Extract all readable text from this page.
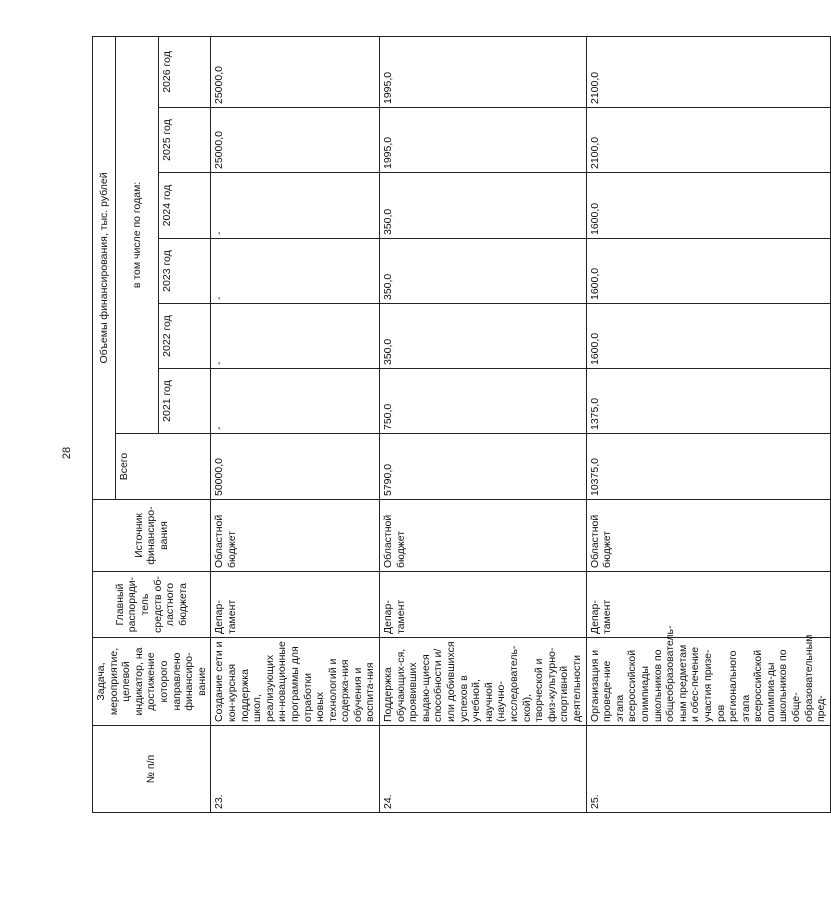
28
№ п/п	Задача, мероприятие, целевой индикатор, на достижение которого направлено финансиро-вание	Главный распоряди-тель средств об-ластного бюджета	Источник финансиро-вания	Объемы финансирования, тыс. рублей						
				Всего	в том числе по годам:					
					2021 год	2022 год	2023 год	2024 год	2025 год	2026 год
23.	Создание сети и кон-курсная поддержка школ, реализующих ин-новационные программы для отработки новых технологий и содержа-ния обучения и воспита-ния	Депар-тамент	Областной бюджет	50000,0	-	-	-	-	25000,0	25000,0
24.	Поддержка обучающих-ся, проявивших выдаю-щиеся способности и/ или добившихся успехов в учебной, научной (научно-исследователь-ской), творческой и физ-культурно-спортивной деятельности	Депар-тамент	Областной бюджет	5790,0	750,0	350,0	350,0	350,0	1995,0	1995,0
25.	Организация и проведе-ние этапа всероссийской олимпиады школьников по общеобразователь-ным предметам и обес-печение участия призе-ров регионального этапа всероссийской олимпиа-ды школьников по обще-образовательным пред-	Депар-тамент	Областной бюджет	10375,0	1375,0	1600,0	1600,0	1600,0	2100,0	2100,0
